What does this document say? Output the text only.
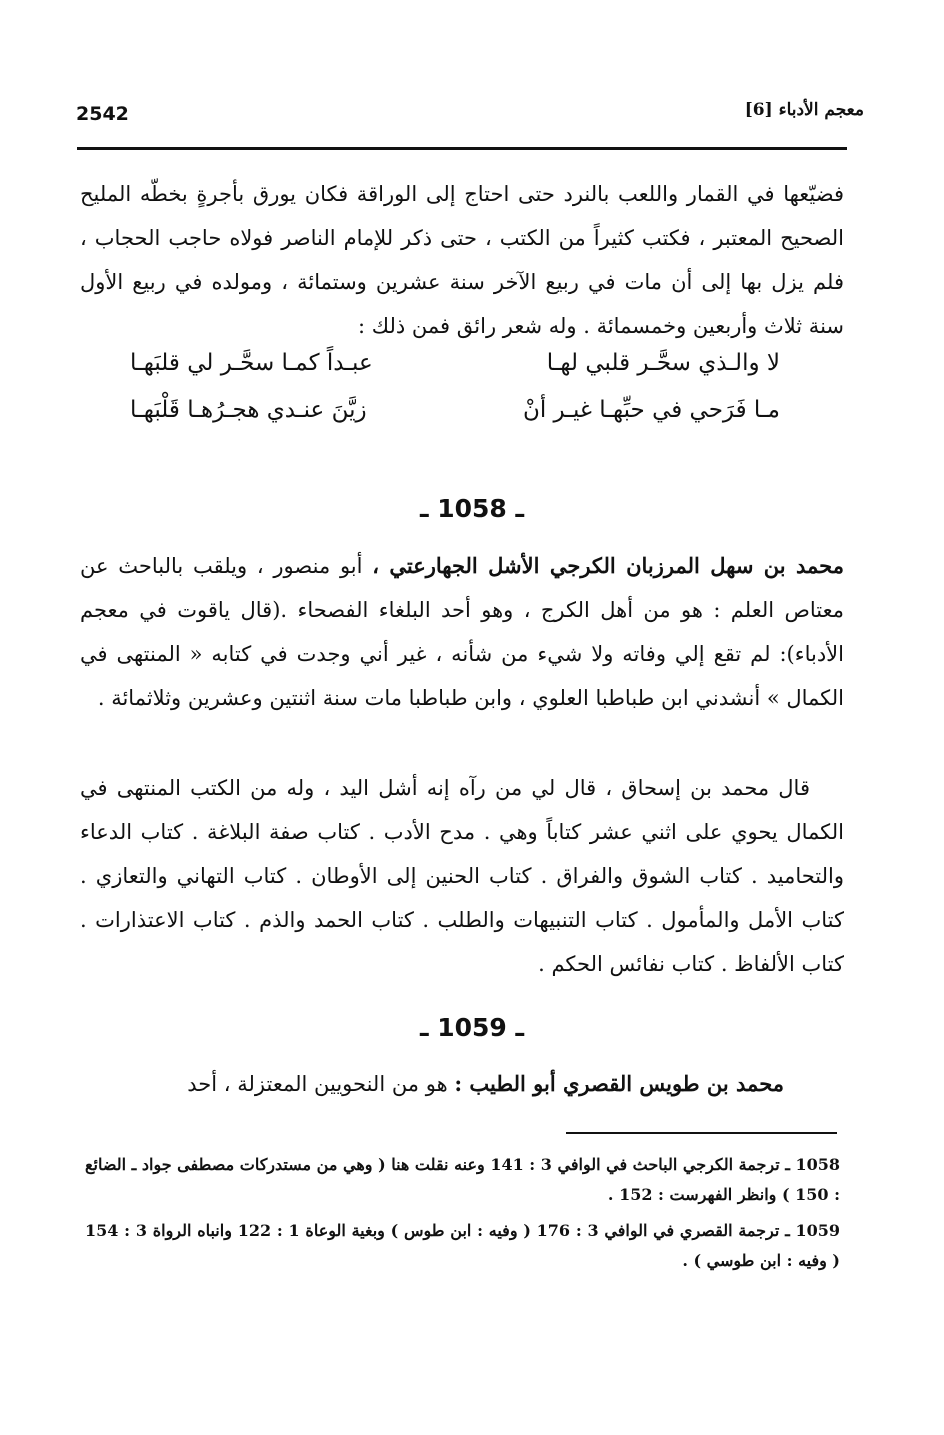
2542	معجم الأدباء [6]

فضيّعها في القمار واللعب بالنرد حتى احتاج إلى الوراقة فكان يورق بأجرةٍ بخطّه المليح الصحيح المعتبر ، فكتب كثيراً من الكتب ، حتى ذكر للإمام الناصر فولاه حاجب الحجاب ، فلم يزل بها إلى أن مات في ربيع الآخر سنة عشرين وستمائة ، ومولده في ربيع الأول سنة ثلاث وأربعين وخمسمائة . وله شعر رائق فمن ذلك :

لا والـذي سحَّـر قلبي لهـا
عبـداً كمـا سحَّـر لي قلبَهـا
مـا فَرَحي في حبِّهـا غيـر أنْ
زيَّنَ عنـدي هجـرُهـا قَلْبَهـا
ـ 1058 ـ

محمد بن سهل المرزبان الكرجي الأشل الجهارعتي ، أبو منصور ، ويلقب بالباحث عن معتاص العلم : هو من أهل الكرج ، وهو أحد البلغاء الفصحاء .(قال ياقوت في معجم الأدباء): لم تقع إلي وفاته ولا شيء من شأنه ، غير أني وجدت في كتابه « المنتهى في الكمال » أنشدني ابن طباطبا العلوي ، وابن طباطبا مات سنة اثنتين وعشرين وثلاثمائة .

قال محمد بن إسحاق ، قال لي من رآه إنه أشل اليد ، وله من الكتب المنتهى في الكمال يحوي على اثني عشر كتاباً وهي . مدح الأدب . كتاب صفة البلاغة . كتاب الدعاء والتحاميد . كتاب الشوق والفراق . كتاب الحنين إلى الأوطان . كتاب التهاني والتعازي . كتاب الأمل والمأمول . كتاب التنبيهات والطلب . كتاب الحمد والذم . كتاب الاعتذارات . كتاب الألفاظ . كتاب نفائس الحكم .

ـ 1059 ـ

محمد بن طويس القصري أبو الطيب : هو من النحويين المعتزلة ، أحد

1058 ـ ترجمة الكرجي الباحث في الوافي 3 : 141 وعنه نقلت هنا ( وهي من مستدركات مصطفى جواد ـ الضائع : 150 ) وانظر الفهرست : 152 .

1059 ـ ترجمة القصري في الوافي 3 : 176 ( وفيه : ابن طوس ) وبغية الوعاة 1 : 122 وانباه الرواة 3 : 154 ( وفيه : ابن طوسي ) .
